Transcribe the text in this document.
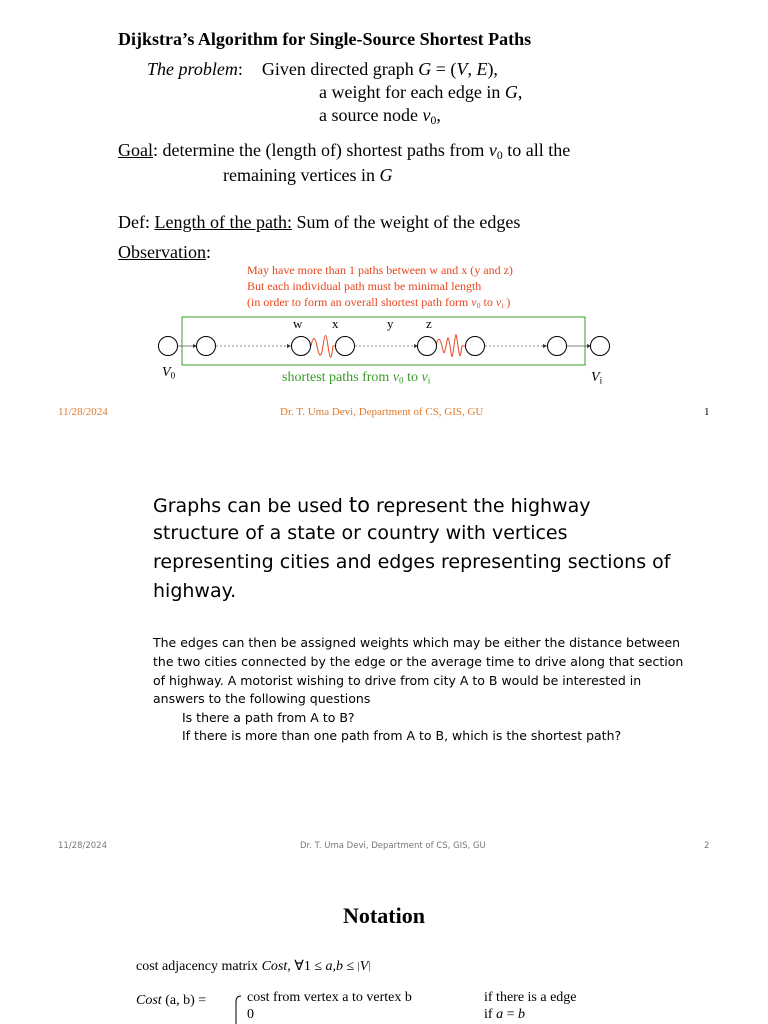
Dijkstra’s Algorithm for Single-Source Shortest Paths
The problem: Given directed graph G = (V, E),
a weight for each edge in G,
a source node $v_0$,
Goal: determine the (length of) shortest paths from $v_0$ to all the
remaining vertices in G
Def: Length of the path: Sum of the weight of the edges
Observation:
May have more than 1 paths between w and x (y and z)
But each individual path must be minimal length
(in order to form an overall shortest path form $v_0$ to $v_i$ )
w x	y	z
$V_0$	$V_i$
shortest paths from $v_0$ to $v_i$
11/28/2024	Dr. T. Uma Devi, Department of CS, GIS, GU	1
Graphs can be used to represent the highway
structure of a state or country with vertices
representing cities and edges representing sections of
highway.
The edges can then be assigned weights which may be either the distance between
the two cities connected by the edge or the average time to drive along that section
of highway. A motorist wishing to drive from city A to B would be interested in
answers to the following questions
Is there a path from A to B?
If there is more than one path from A to B, which is the shortest path?
11/28/2024	Dr. T. Uma Devi, Department of CS, GIS, GU	2
Notation
cost adjacency matrix Cost, ∀1 ≤ a,b ≤ |V|
Cost (a, b) =	cost from vertex a to vertex b	if there is a edge
0	if a = b
